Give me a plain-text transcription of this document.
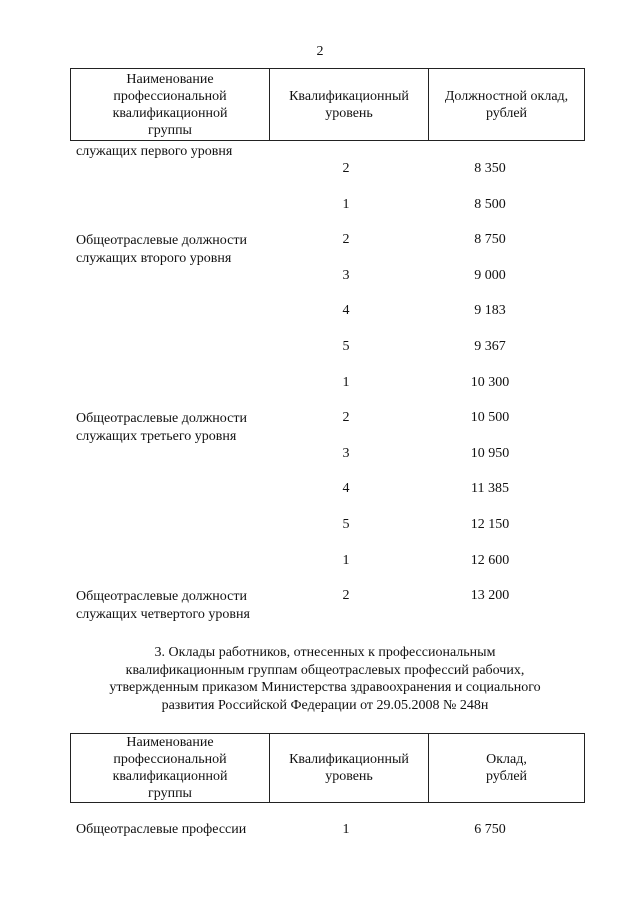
2
Наименование
профессиональной
квалификационной
группы

Квалификационный
уровень

Должностной оклад,
рублей
служащих первого уровня
2	8 350
Общеотраслевые должности
служащих второго уровня
1	8 500
2	8 750
3	9 000
4	9 183
5	9 367
Общеотраслевые должности
служащих третьего уровня
1	10 300
2	10 500
3	10 950
4	11 385
5	12 150
Общеотраслевые должности
служащих четвертого уровня
1	12 600
2	13 200
3. Оклады работников, отнесенных к профессиональным
квалификационным группам общеотраслевых профессий рабочих,
утвержденным приказом Министерства здравоохранения и социального
развития Российской Федерации от 29.05.2008 № 248н
Наименование
профессиональной
квалификационной
группы

Квалификационный
уровень

Оклад,
рублей
Общеотраслевые профессии	1	6 750
